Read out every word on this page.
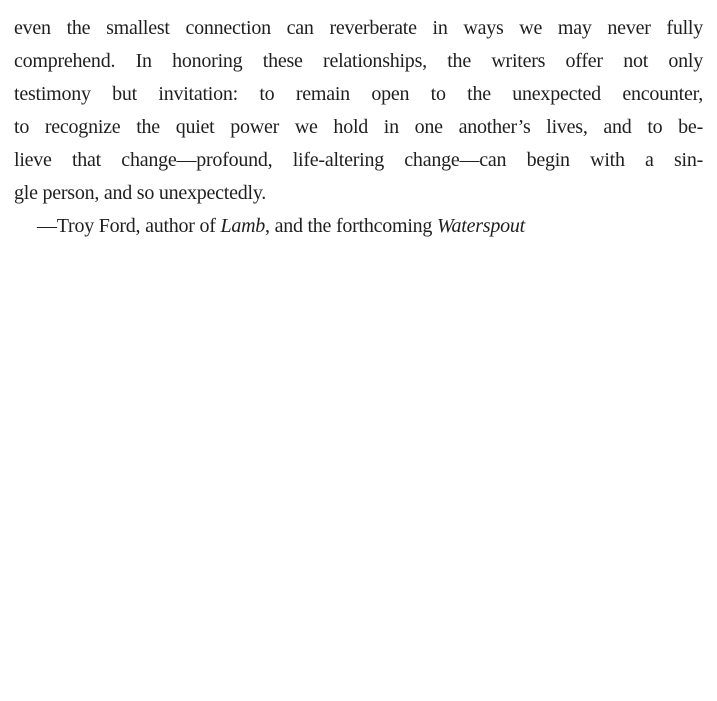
even the smallest connection can reverberate in ways we may never fully
comprehend. In honoring these relationships, the writers offer not only
testimony but invitation: to remain open to the unexpected encounter,
to recognize the quiet power we hold in one another’s lives, and to be-
lieve that change—profound, life-altering change—can begin with a sin-
gle person, and so unexpectedly.
—Troy Ford, author of Lamb, and the forthcoming Waterspout
